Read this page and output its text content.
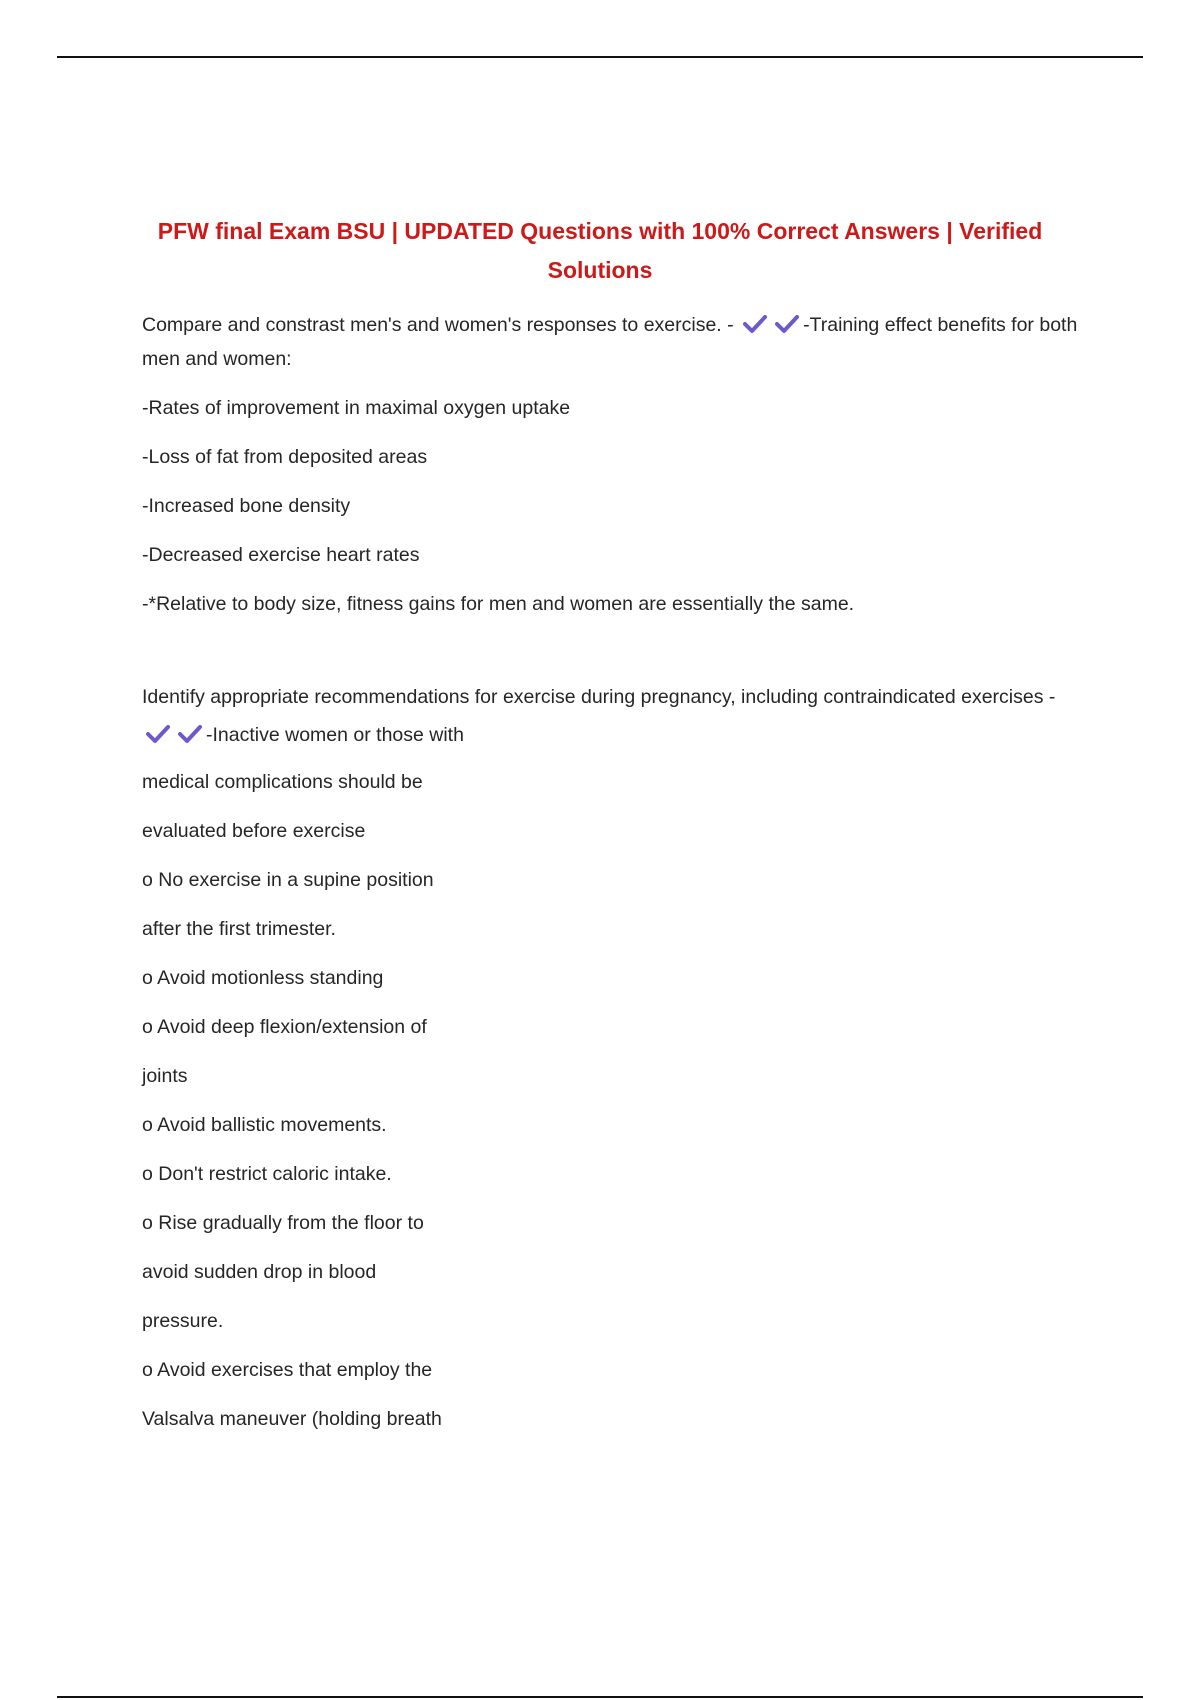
PFW final Exam BSU | UPDATED Questions with 100% Correct Answers | Verified Solutions

Compare and constrast men's and women's responses to exercise. -	-Training effect benefits for both men and women:

-Rates of improvement in maximal oxygen uptake

-Loss of fat from deposited areas

-Increased bone density

-Decreased exercise heart rates

-*Relative to body size, fitness gains for men and women are essentially the same.

Identify appropriate recommendations for exercise during pregnancy, including contraindicated exercises - -Inactive women or those with

medical complications should be

evaluated before exercise

o No exercise in a supine position

after the first trimester.

o Avoid motionless standing

o Avoid deep flexion/extension of

joints

o Avoid ballistic movements.

o Don't restrict caloric intake.

o Rise gradually from the floor to

avoid sudden drop in blood

pressure.

o Avoid exercises that employ the

Valsalva maneuver (holding breath
